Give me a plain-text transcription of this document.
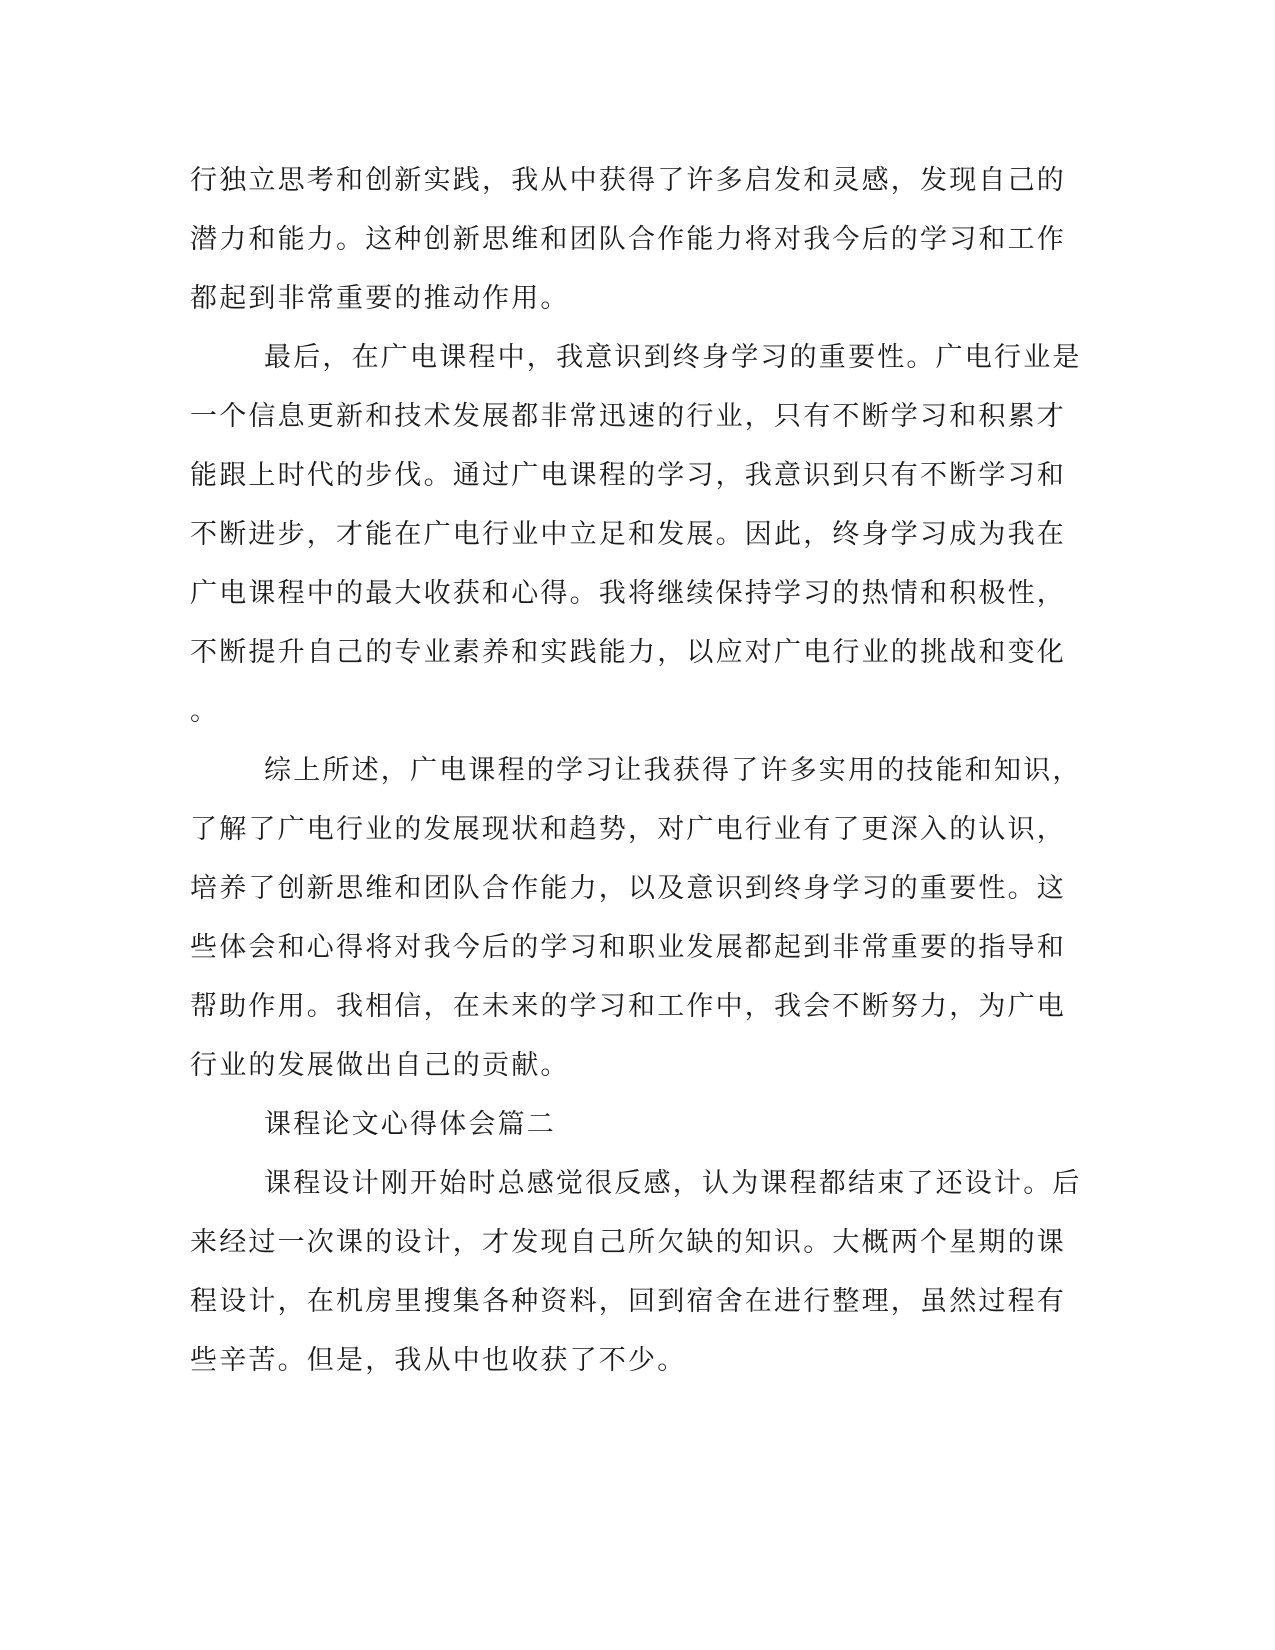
行独立思考和创新实践，我从中获得了许多启发和灵感，发现自己的
潜力和能力。这种创新思维和团队合作能力将对我今后的学习和工作
都起到非常重要的推动作用。
最后，在广电课程中，我意识到终身学习的重要性。广电行业是
一个信息更新和技术发展都非常迅速的行业，只有不断学习和积累才
能跟上时代的步伐。通过广电课程的学习，我意识到只有不断学习和
不断进步，才能在广电行业中立足和发展。因此，终身学习成为我在
广电课程中的最大收获和心得。我将继续保持学习的热情和积极性，
不断提升自己的专业素养和实践能力，以应对广电行业的挑战和变化
。
综上所述，广电课程的学习让我获得了许多实用的技能和知识，
了解了广电行业的发展现状和趋势，对广电行业有了更深入的认识，
培养了创新思维和团队合作能力，以及意识到终身学习的重要性。这
些体会和心得将对我今后的学习和职业发展都起到非常重要的指导和
帮助作用。我相信，在未来的学习和工作中，我会不断努力，为广电
行业的发展做出自己的贡献。
课程论文心得体会篇二
课程设计刚开始时总感觉很反感，认为课程都结束了还设计。后
来经过一次课的设计，才发现自己所欠缺的知识。大概两个星期的课
程设计，在机房里搜集各种资料，回到宿舍在进行整理，虽然过程有
些辛苦。但是，我从中也收获了不少。
